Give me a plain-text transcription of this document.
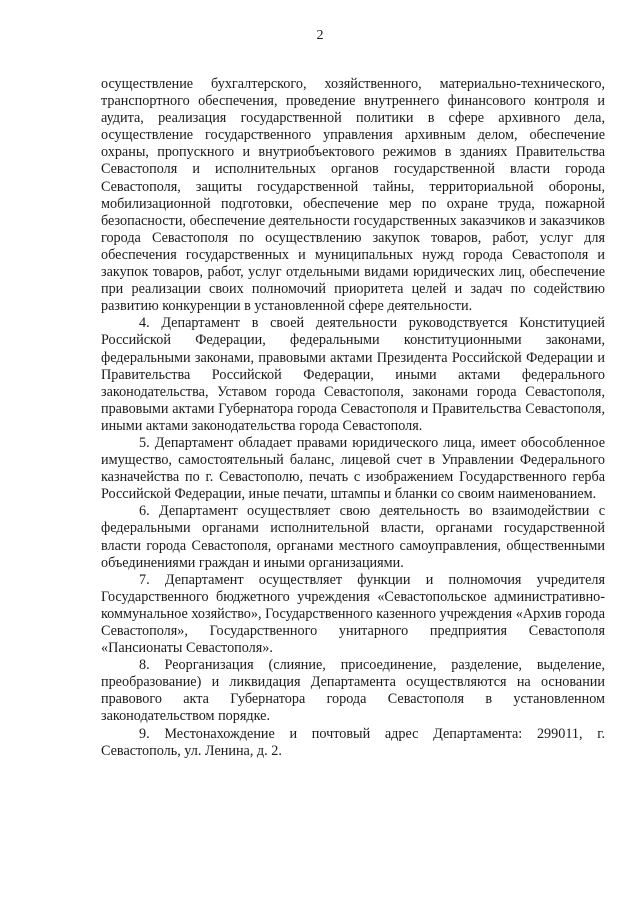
2

осуществление бухгалтерского, хозяйственного, материально-технического, транспортного обеспечения, проведение внутреннего финансового контроля и аудита, реализация государственной политики в сфере архивного дела, осуществление государственного управления архивным делом, обеспечение охраны, пропускного и внутриобъектового режимов в зданиях Правительства Севастополя и исполнительных органов государственной власти города Севастополя, защиты государственной тайны, территориальной обороны, мобилизационной подготовки, обеспечение мер по охране труда, пожарной безопасности, обеспечение деятельности государственных заказчиков и заказчиков города Севастополя по осуществлению закупок товаров, работ, услуг для обеспечения государственных и муниципальных нужд города Севастополя и закупок товаров, работ, услуг отдельными видами юридических лиц, обеспечение при реализации своих полномочий приоритета целей и задач по содействию развитию конкуренции в установленной сфере деятельности.

4. Департамент в своей деятельности руководствуется Конституцией Российской Федерации, федеральными конституционными законами, федеральными законами, правовыми актами Президента Российской Федерации и Правительства Российской Федерации, иными актами федерального законодательства, Уставом города Севастополя, законами города Севастополя, правовыми актами Губернатора города Севастополя и Правительства Севастополя, иными актами законодательства города Севастополя.

5. Департамент обладает правами юридического лица, имеет обособленное имущество, самостоятельный баланс, лицевой счет в Управлении Федерального казначейства по г. Севастополю, печать с изображением Государственного герба Российской Федерации, иные печати, штампы и бланки со своим наименованием.

6. Департамент осуществляет свою деятельность во взаимодействии с федеральными органами исполнительной власти, органами государственной власти города Севастополя, органами местного самоуправления, общественными объединениями граждан и иными организациями.

7. Департамент осуществляет функции и полномочия учредителя Государственного бюджетного учреждения «Севастопольское административно-коммунальное хозяйство», Государственного казенного учреждения «Архив города Севастополя», Государственного унитарного предприятия Севастополя «Пансионаты Севастополя».

8. Реорганизация (слияние, присоединение, разделение, выделение, преобразование) и ликвидация Департамента осуществляются на основании правового акта Губернатора города Севастополя в установленном законодательством порядке.

9. Местонахождение и почтовый адрес Департамента: 299011, г. Севастополь, ул. Ленина, д. 2.
